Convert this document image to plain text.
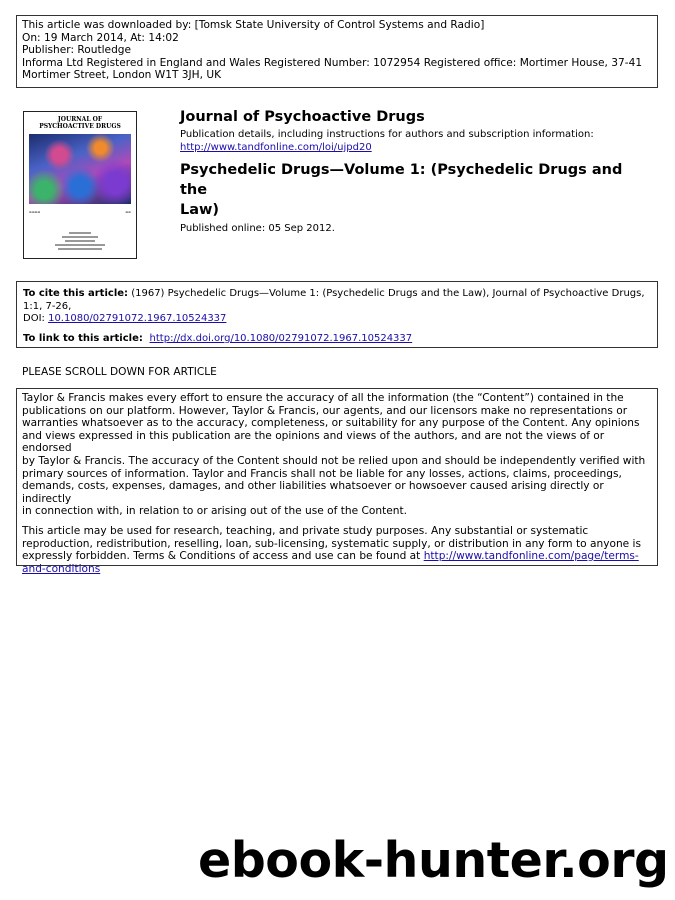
This article was downloaded by: [Tomsk State University of Control Systems and Radio]
On: 19 March 2014, At: 14:02
Publisher: Routledge
Informa Ltd Registered in England and Wales Registered Number: 1072954 Registered office: Mortimer House, 37-41
Mortimer Street, London W1T 3JH, UK
JOURNAL OF
PSYCHOACTIVE DRUGS
▬▬▬▬	▬▬
Journal of Psychoactive Drugs
Publication details, including instructions for authors and subscription information:
http://www.tandfonline.com/loi/ujpd20
Psychedelic Drugs—Volume 1: (Psychedelic Drugs and the
Law)
Published online: 05 Sep 2012.
To cite this article: (1967) Psychedelic Drugs—Volume 1: (Psychedelic Drugs and the Law), Journal of Psychoactive Drugs, 1:1, 7-26,
DOI: 10.1080/02791072.1967.10524337
To link to this article:  http://dx.doi.org/10.1080/02791072.1967.10524337
PLEASE SCROLL DOWN FOR ARTICLE

Taylor & Francis makes every effort to ensure the accuracy of all the information (the “Content”) contained in the
publications on our platform. However, Taylor & Francis, our agents, and our licensors make no representations or
warranties whatsoever as to the accuracy, completeness, or suitability for any purpose of the Content. Any opinions
and views expressed in this publication are the opinions and views of the authors, and are not the views of or endorsed
by Taylor & Francis. The accuracy of the Content should not be relied upon and should be independently verified with
primary sources of information. Taylor and Francis shall not be liable for any losses, actions, claims, proceedings,
demands, costs, expenses, damages, and other liabilities whatsoever or howsoever caused arising directly or indirectly
in connection with, in relation to or arising out of the use of the Content.

This article may be used for research, teaching, and private study purposes. Any substantial or systematic
reproduction, redistribution, reselling, loan, sub-licensing, systematic supply, or distribution in any form to anyone is
expressly forbidden. Terms & Conditions of access and use can be found at http://www.tandfonline.com/page/terms-
and-conditions

ebook-hunter.org
